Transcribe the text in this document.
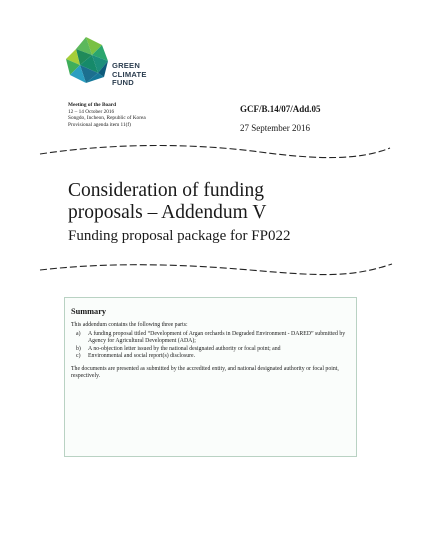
GREEN
CLIMATE
FUND
Meeting of the Board
12 – 14 October 2016
Songdo, Incheon, Republic of Korea
Provisional agenda item 11(f)
GCF/B.14/07/Add.05
27 September 2016
Consideration of funding
proposals – Addendum V
Funding proposal package for FP022
Summary
This addendum contains the following three parts:
a) A funding proposal titled “Development of Argan orchards in Degraded Environment - DARED” submitted by Agency for Agricultural Development (ADA);
b) A no-objection letter issued by the national designated authority or focal point; and
c) Environmental and social report(s) disclosure.
The documents are presented as submitted by the accredited entity, and national designated authority or focal point, respectively.
